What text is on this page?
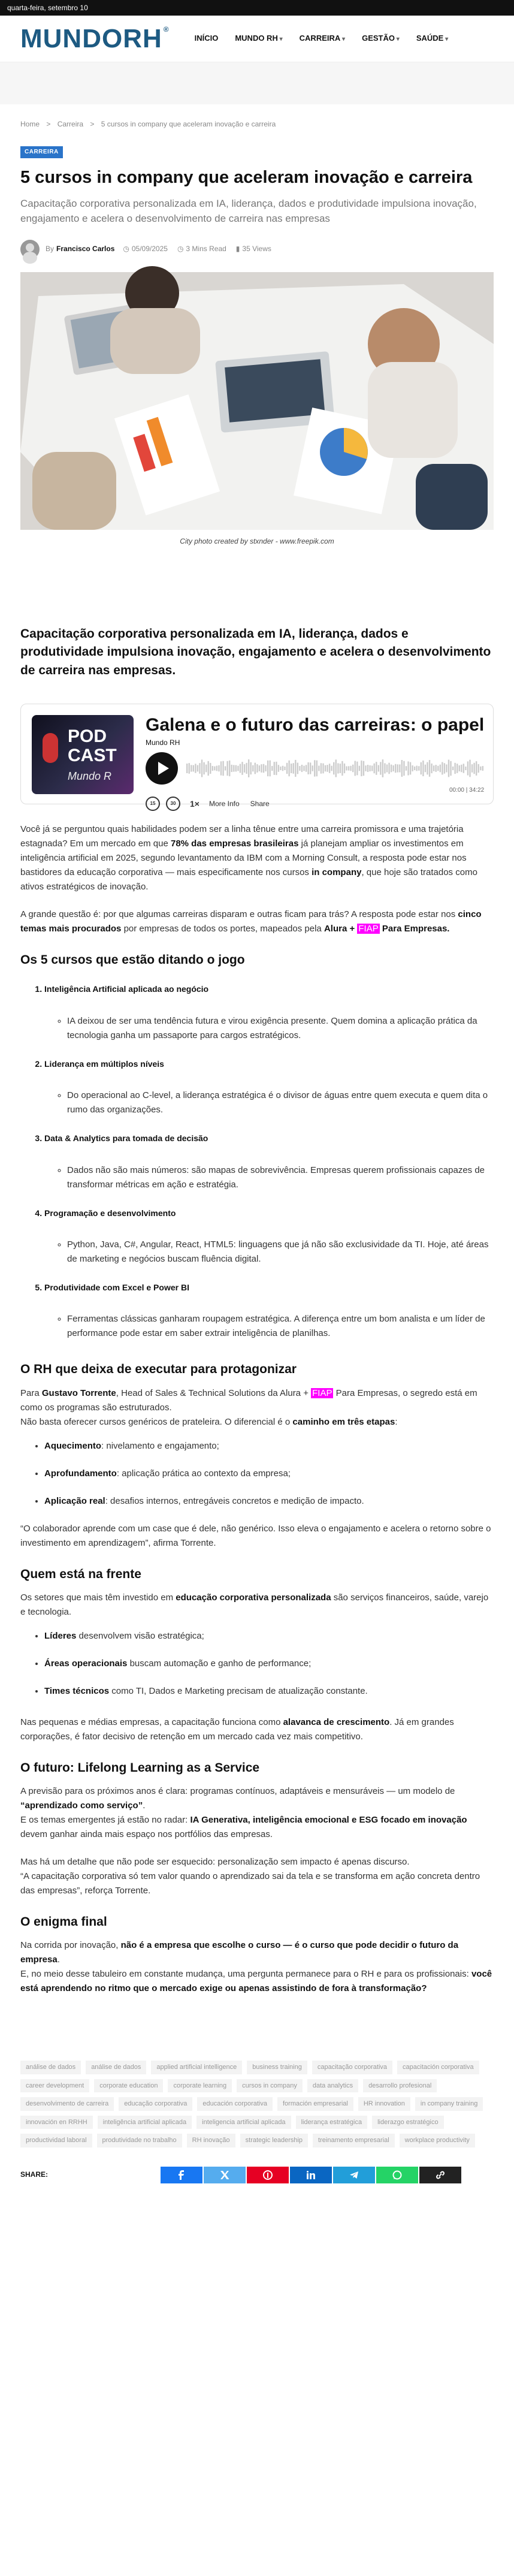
quarta-feira, setembro 10
MUNDORH ®
INÍCIO	MUNDO RH ▾	CARREIRA ▾	GESTÃO ▾	SAÚDE ▾
Home > Carreira > 5 cursos in company que aceleram inovação e carreira
CARREIRA
5 cursos in company que aceleram inovação e carreira
Capacitação corporativa personalizada em IA, liderança, dados e produtividade impulsiona inovação, engajamento e acelera o desenvolvimento de carreira nas empresas
By Francisco Carlos ◷ 05/09/2025 ◷ 3 Mins Read ▮ 35 Views
City photo created by stxnder - www.freepik.com
Capacitação corporativa personalizada em IA, liderança, dados e produtividade impulsiona inovação, engajamento e acelera o desenvolvimento de carreira nas empresas.
POD
CAST
Mundo R
Galena e o futuro das carreiras: o papel
Mundo RH
00:00 | 34:22
15	30	1× More Info Share

Você já se perguntou quais habilidades podem ser a linha tênue entre uma carreira promissora e uma trajetória estagnada? Em um mercado em que 78% das empresas brasileiras já planejam ampliar os investimentos em inteligência artificial em 2025, segundo levantamento da IBM com a Morning Consult, a resposta pode estar nos bastidores da educação corporativa — mais especificamente nos cursos in company, que hoje são tratados como ativos estratégicos de inovação.

A grande questão é: por que algumas carreiras disparam e outras ficam para trás? A resposta pode estar nos cinco temas mais procurados por empresas de todos os portes, mapeados pela Alura + FIAP Para Empresas.

Os 5 cursos que estão ditando o jogo
1. Inteligência Artificial aplicada ao negócio
◦ IA deixou de ser uma tendência futura e virou exigência presente. Quem domina a aplicação prática da tecnologia ganha um passaporte para cargos estratégicos.
2. Liderança em múltiplos níveis
◦ Do operacional ao C-level, a liderança estratégica é o divisor de águas entre quem executa e quem dita o rumo das organizações.
3. Data & Analytics para tomada de decisão
◦ Dados não são mais números: são mapas de sobrevivência. Empresas querem profissionais capazes de transformar métricas em ação e estratégia.
4. Programação e desenvolvimento
◦ Python, Java, C#, Angular, React, HTML5: linguagens que já não são exclusividade da TI. Hoje, até áreas de marketing e negócios buscam fluência digital.
5. Produtividade com Excel e Power BI
◦ Ferramentas clássicas ganharam roupagem estratégica. A diferença entre um bom analista e um líder de performance pode estar em saber extrair inteligência de planilhas.
O RH que deixa de executar para protagonizar

Para Gustavo Torrente, Head of Sales & Technical Solutions da Alura + FIAP Para Empresas, o segredo está em como os programas são estruturados.
Não basta oferecer cursos genéricos de prateleira. O diferencial é o caminho em três etapas:

• Aquecimento: nivelamento e engajamento;
• Aprofundamento: aplicação prática ao contexto da empresa;
• Aplicação real: desafios internos, entregáveis concretos e medição de impacto.

“O colaborador aprende com um case que é dele, não genérico. Isso eleva o engajamento e acelera o retorno sobre o investimento em aprendizagem”, afirma Torrente.

Quem está na frente

Os setores que mais têm investido em educação corporativa personalizada são serviços financeiros, saúde, varejo e tecnologia.

• Líderes desenvolvem visão estratégica;
• Áreas operacionais buscam automação e ganho de performance;
• Times técnicos como TI, Dados e Marketing precisam de atualização constante.

Nas pequenas e médias empresas, a capacitação funciona como alavanca de crescimento. Já em grandes corporações, é fator decisivo de retenção em um mercado cada vez mais competitivo.

O futuro: Lifelong Learning as a Service

A previsão para os próximos anos é clara: programas contínuos, adaptáveis e mensuráveis — um modelo de “aprendizado como serviço”.
E os temas emergentes já estão no radar: IA Generativa, inteligência emocional e ESG focado em inovação devem ganhar ainda mais espaço nos portfólios das empresas.

Mas há um detalhe que não pode ser esquecido: personalização sem impacto é apenas discurso.
“A capacitação corporativa só tem valor quando o aprendizado sai da tela e se transforma em ação concreta dentro das empresas”, reforça Torrente.

O enigma final

Na corrida por inovação, não é a empresa que escolhe o curso — é o curso que pode decidir o futuro da empresa.
E, no meio desse tabuleiro em constante mudança, uma pergunta permanece para o RH e para os profissionais: você está aprendendo no ritmo que o mercado exige ou apenas assistindo de fora à transformação?

análise de dados	análise de dados	applied artificial intelligence	business training	capacitação corporativa	capacitación corporativa
career development	corporate education	corporate learning	cursos in company	data analytics	desarrollo profesional
desenvolvimento de carreira	educação corporativa	educación corporativa	formación empresarial	HR innovation	in company training
innovación en RRHH	inteligência artificial aplicada	inteligencia artificial aplicada	liderança estratégica	liderazgo estratégico
productividad laboral	produtividade no trabalho	RH inovação	strategic leadership	treinamento empresarial	workplace productivity
SHARE:
